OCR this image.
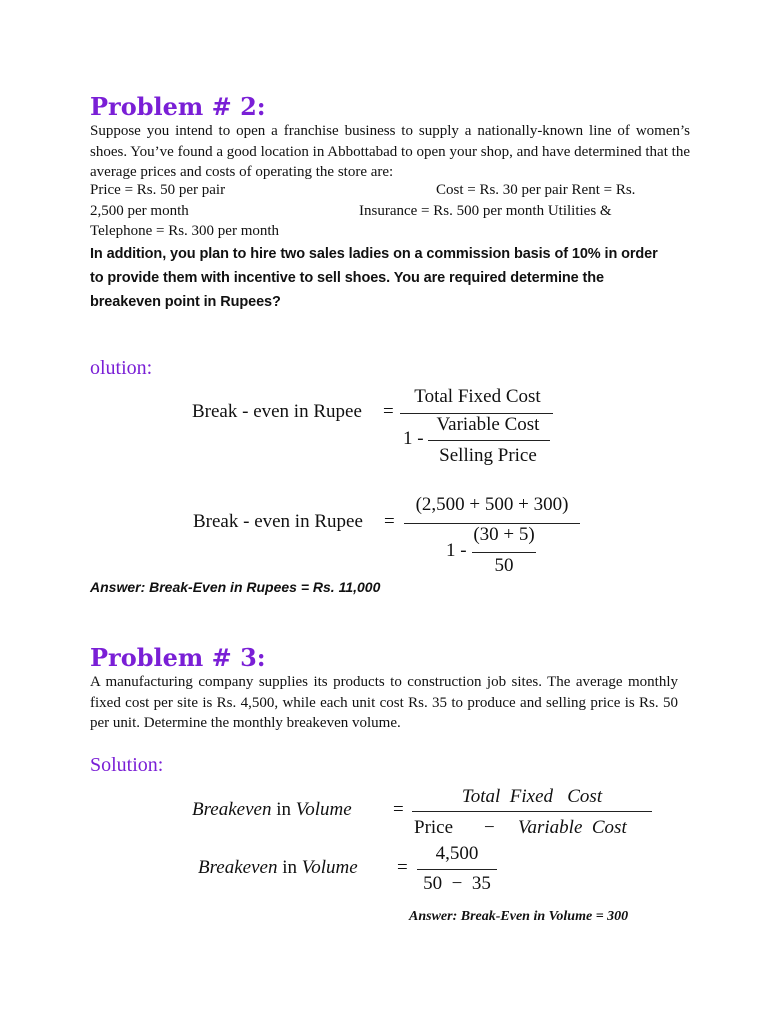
Problem # 2:

Suppose you intend to open a franchise business to supply a nationally-known line of women’s shoes. You’ve found a good location in Abbottabad to open your shop, and have determined that the average prices and costs of operating the store are:

Price = Rs. 50 per pair	Cost = Rs. 30 per pair Rent = Rs.
2,500 per month	Insurance = Rs. 500 per month Utilities &
Telephone = Rs. 300 per month
In addition, you plan to hire two sales ladies on a commission basis of 10% in order
to provide them with incentive to sell shoes. You are required determine the
breakeven point in Rupees?
olution:
Break - even in Rupee =
Total Fixed Cost
1 -
Variable Cost
Selling Price
Break - even in Rupee =
(2,500 + 500 + 300)
1 -
(30 + 5)
50
Answer: Break-Even in Rupees = Rs. 11,000
Problem # 3:

A manufacturing company supplies its products to construction job sites. The average monthly fixed cost per site is Rs. 4,500, while each unit cost Rs. 35 to produce and selling price is Rs. 50 per unit. Determine the monthly breakeven volume.

Solution:
Breakeven in Volume =
Total  Fixed   Cost
Price − Variable  Cost
Breakeven in Volume =
4,500
50  −  35
Answer: Break-Even in Volume = 300
